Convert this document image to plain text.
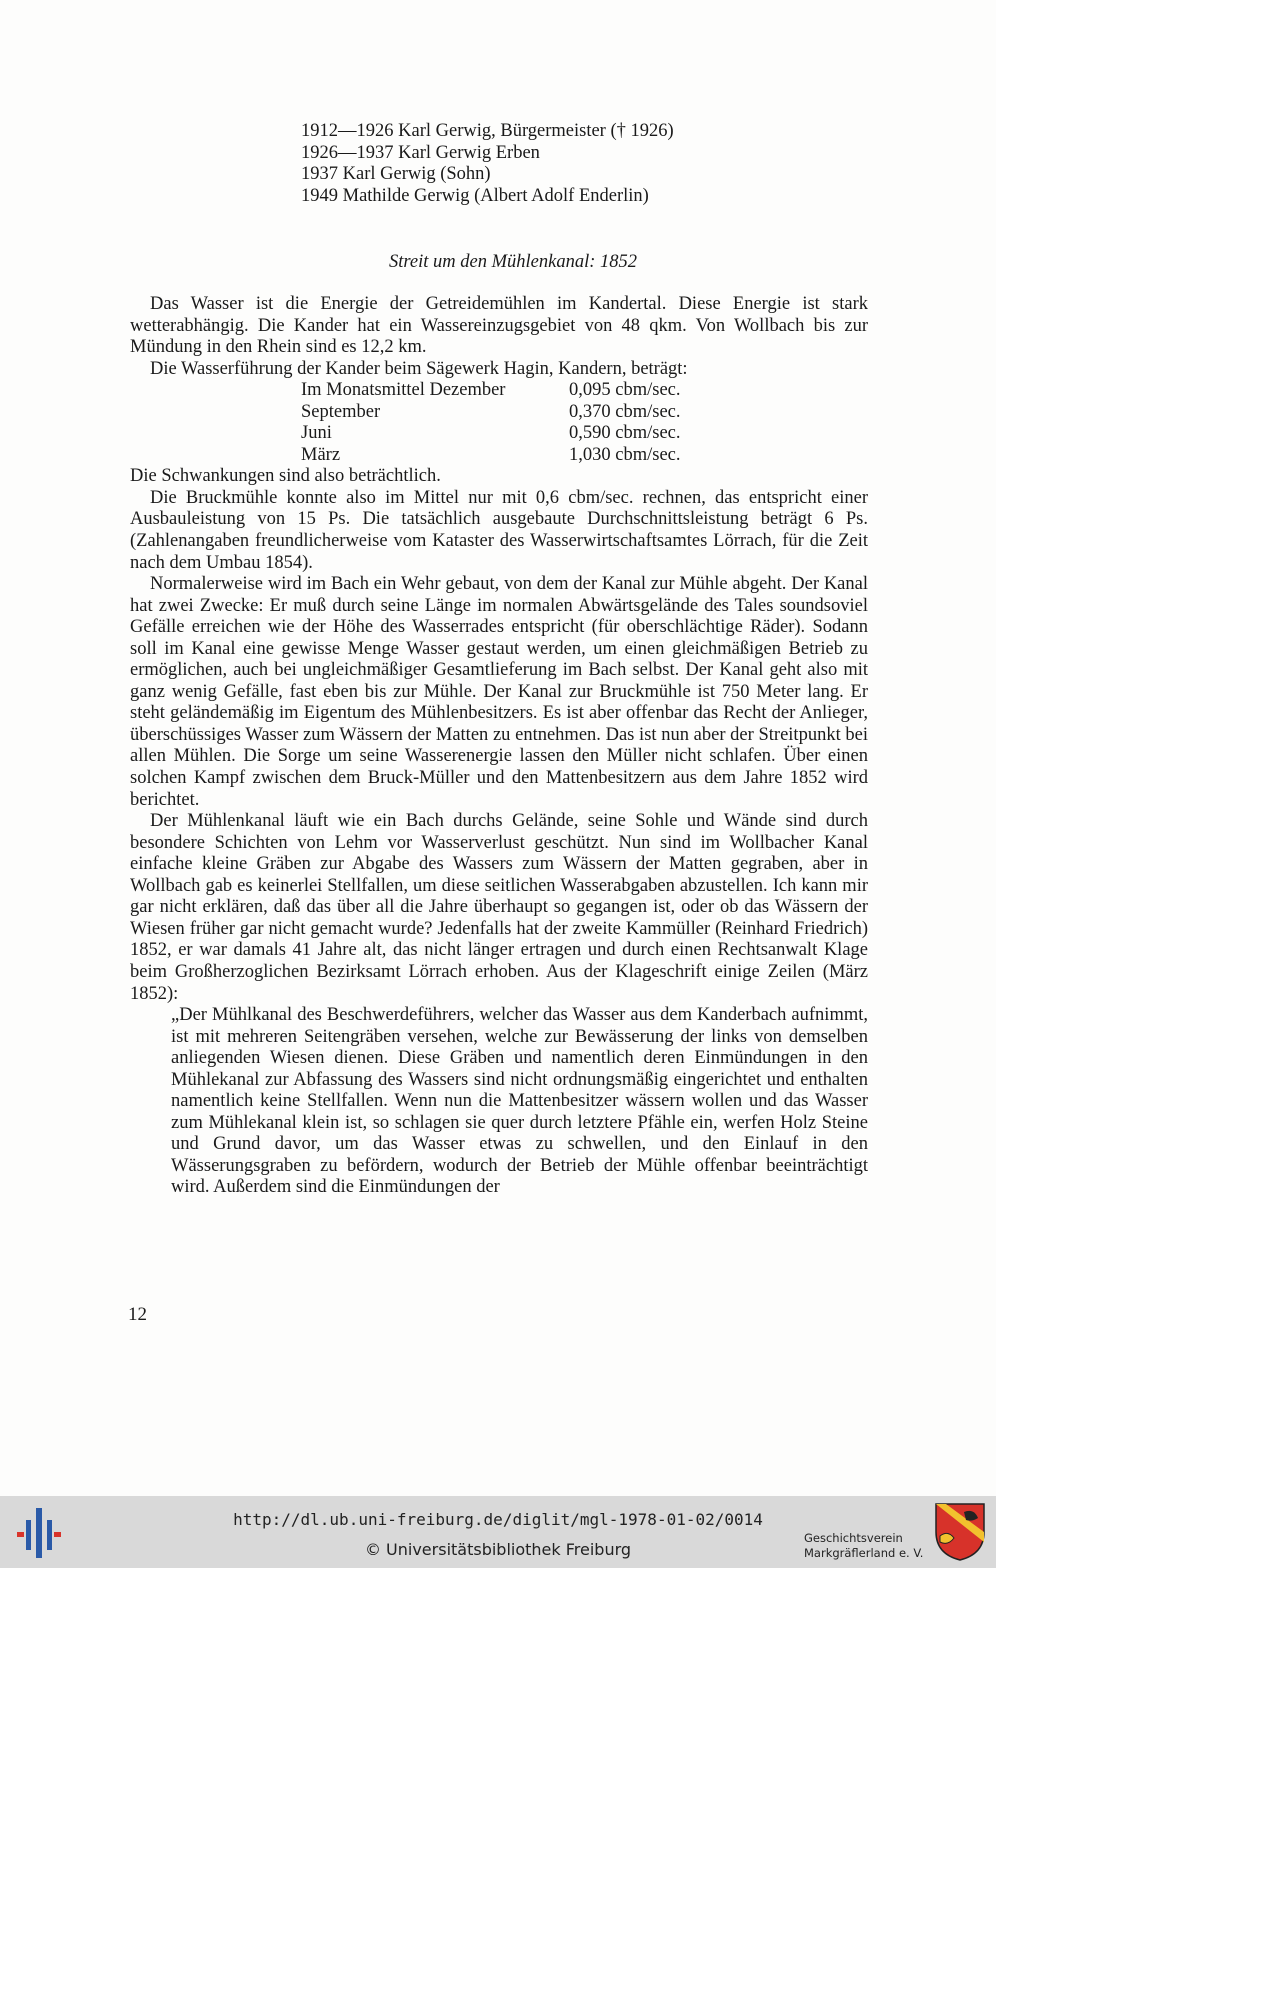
1912—1926 Karl Gerwig, Bürgermeister († 1926)
1926—1937 Karl Gerwig Erben
1937 Karl Gerwig (Sohn)
1949 Mathilde Gerwig (Albert Adolf Enderlin)
Streit um den Mühlenkanal: 1852
Das Wasser ist die Energie der Getreidemühlen im Kandertal. Diese Energie ist stark wetterabhängig. Die Kander hat ein Wassereinzugsgebiet von 48 qkm. Von Wollbach bis zur Mündung in den Rhein sind es 12,2 km.
Die Wasserführung der Kander beim Sägewerk Hagin, Kandern, beträgt:
Im Monatsmittel Dezember	0,095 cbm/sec.
September	0,370 cbm/sec.
Juni	0,590 cbm/sec.
März	1,030 cbm/sec.
Die Schwankungen sind also beträchtlich.
Die Bruckmühle konnte also im Mittel nur mit 0,6 cbm/sec. rechnen, das entspricht einer Ausbauleistung von 15 Ps. Die tatsächlich ausgebaute Durchschnittsleistung beträgt 6 Ps. (Zahlenangaben freundlicherweise vom Kataster des Wasserwirtschaftsamtes Lörrach, für die Zeit nach dem Umbau 1854).
Normalerweise wird im Bach ein Wehr gebaut, von dem der Kanal zur Mühle abgeht. Der Kanal hat zwei Zwecke: Er muß durch seine Länge im normalen Abwärtsgelände des Tales soundsoviel Gefälle erreichen wie der Höhe des Wasserrades entspricht (für oberschlächtige Räder). Sodann soll im Kanal eine gewisse Menge Wasser gestaut werden, um einen gleichmäßigen Betrieb zu ermöglichen, auch bei ungleichmäßiger Gesamtlieferung im Bach selbst. Der Kanal geht also mit ganz wenig Gefälle, fast eben bis zur Mühle. Der Kanal zur Bruckmühle ist 750 Meter lang. Er steht geländemäßig im Eigentum des Mühlenbesitzers. Es ist aber offenbar das Recht der Anlieger, überschüssiges Wasser zum Wässern der Matten zu entnehmen. Das ist nun aber der Streitpunkt bei allen Mühlen. Die Sorge um seine Wasserenergie lassen den Müller nicht schlafen. Über einen solchen Kampf zwischen dem Bruck-Müller und den Mattenbesitzern aus dem Jahre 1852 wird berichtet.
Der Mühlenkanal läuft wie ein Bach durchs Gelände, seine Sohle und Wände sind durch besondere Schichten von Lehm vor Wasserverlust geschützt. Nun sind im Wollbacher Kanal einfache kleine Gräben zur Abgabe des Wassers zum Wässern der Matten gegraben, aber in Wollbach gab es keinerlei Stellfallen, um diese seitlichen Wasserabgaben abzustellen. Ich kann mir gar nicht erklären, daß das über all die Jahre überhaupt so gegangen ist, oder ob das Wässern der Wiesen früher gar nicht gemacht wurde? Jedenfalls hat der zweite Kammüller (Reinhard Friedrich) 1852, er war damals 41 Jahre alt, das nicht länger ertragen und durch einen Rechtsanwalt Klage beim Großherzoglichen Bezirksamt Lörrach erhoben. Aus der Klageschrift einige Zeilen (März 1852):
„Der Mühlkanal des Beschwerdeführers, welcher das Wasser aus dem Kanderbach aufnimmt, ist mit mehreren Seitengräben versehen, welche zur Bewässerung der links von demselben anliegenden Wiesen dienen. Diese Gräben und namentlich deren Einmündungen in den Mühlekanal zur Abfassung des Wassers sind nicht ordnungsmäßig eingerichtet und enthalten namentlich keine Stellfallen. Wenn nun die Mattenbesitzer wässern wollen und das Wasser zum Mühlekanal klein ist, so schlagen sie quer durch letztere Pfähle ein, werfen Holz Steine und Grund davor, um das Wasser etwas zu schwellen, und den Einlauf in den Wässerungsgraben zu befördern, wodurch der Betrieb der Mühle offenbar beeinträchtigt wird. Außerdem sind die Einmündungen der
12
http://dl.ub.uni-freiburg.de/diglit/mgl-1978-01-02/0014
© Universitätsbibliothek Freiburg
Geschichtsverein
Markgräflerland e. V.
